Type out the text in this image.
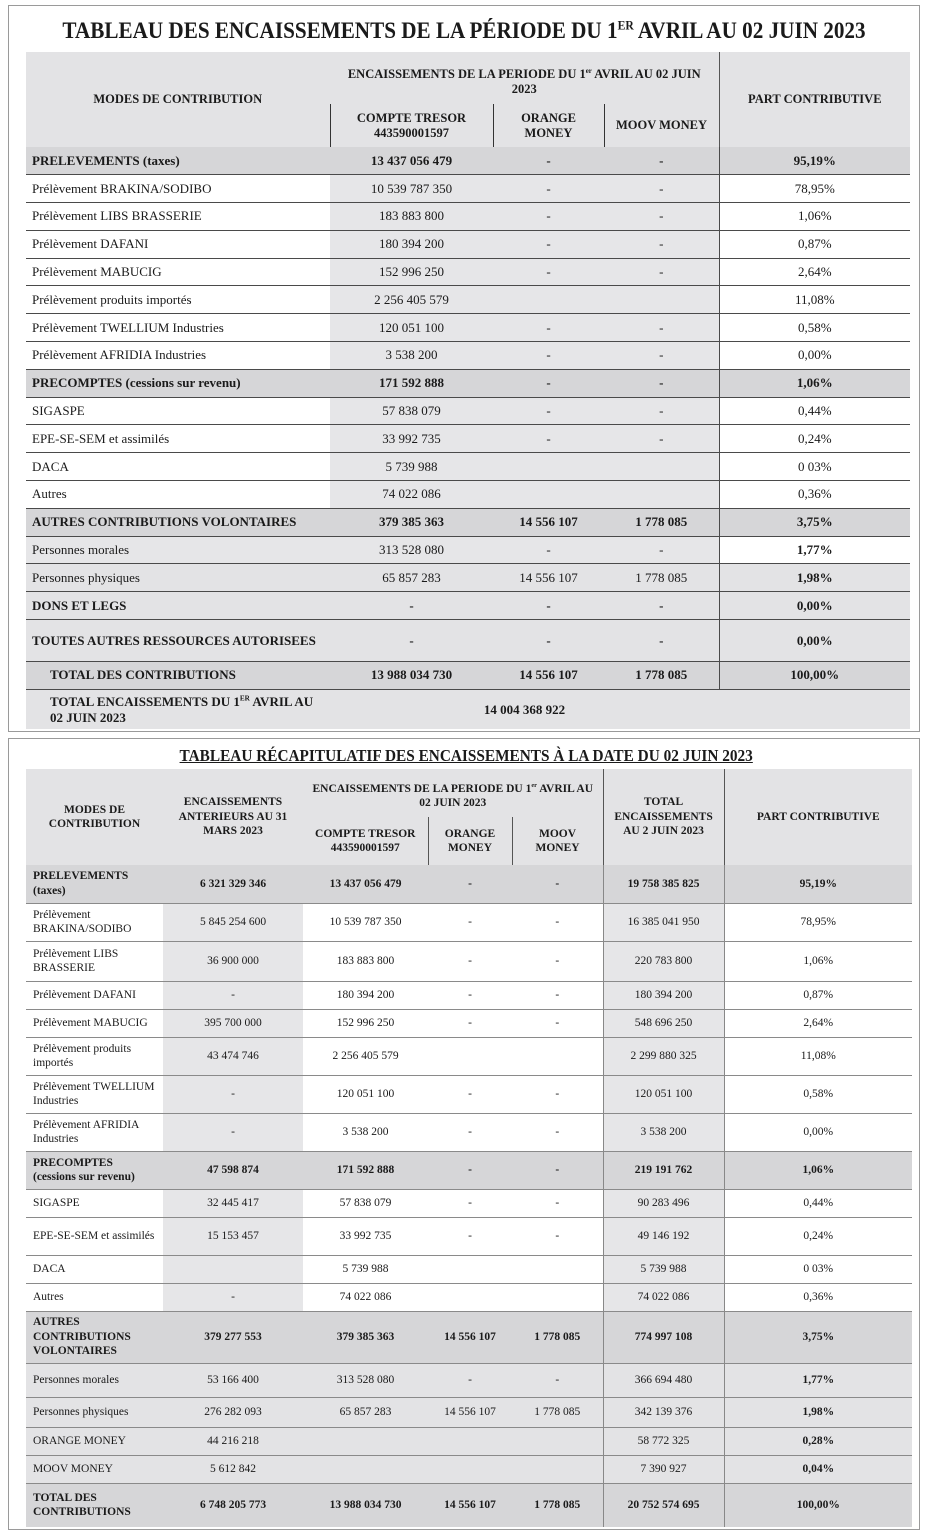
TABLEAU DES ENCAISSEMENTS DE LA PÉRIODE DU 1ER AVRIL AU 02 JUIN 2023
MODES DE CONTRIBUTION	ENCAISSEMENTS DE LA PERIODE DU 1er AVRIL AU 02 JUIN 2023			PART CONTRIBUTIVE
	COMPTE TRESOR 443590001597	ORANGE MONEY	MOOV MONEY	
PRELEVEMENTS (taxes)	13 437 056 479	-	-	95,19%
Prélèvement BRAKINA/SODIBO	10 539 787 350	-	-	78,95%
Prélèvement LIBS BRASSERIE	183 883 800	-	-	1,06%
Prélèvement DAFANI	180 394 200	-	-	0,87%
Prélèvement MABUCIG	152 996 250	-	-	2,64%
Prélèvement produits importés	2 256 405 579			11,08%
Prélèvement TWELLIUM Industries	120 051 100	-	-	0,58%
Prélèvement AFRIDIA Industries	3 538 200	-	-	0,00%
PRECOMPTES (cessions sur revenu)	171 592 888	-	-	1,06%
SIGASPE	57 838 079	-	-	0,44%
EPE-SE-SEM et assimilés	33 992 735	-	-	0,24%
DACA	5 739 988			0 03%
Autres	74 022 086			0,36%
AUTRES CONTRIBUTIONS VOLONTAIRES	379 385 363	14 556 107	1 778 085	3,75%
Personnes morales	313 528 080	-	-	1,77%
Personnes physiques	65 857 283	14 556 107	1 778 085	1,98%
DONS ET LEGS	-	-	-	0,00%
TOUTES AUTRES RESSOURCES AUTORISEES	-	-	-	0,00%
TOTAL DES CONTRIBUTIONS	13 988 034 730	14 556 107	1 778 085	100,00%
TOTAL ENCAISSEMENTS DU 1ER AVRIL AU 02 JUIN 2023	14 004 368 922			
TABLEAU RÉCAPITULATIF DES ENCAISSEMENTS À LA DATE DU 02 JUIN 2023
MODES DE CONTRIBUTION	ENCAISSEMENTS ANTERIEURS AU 31 MARS 2023	ENCAISSEMENTS DE LA PERIODE DU 1er AVRIL AU 02 JUIN 2023			TOTAL ENCAISSEMENTS AU 2 JUIN 2023	PART CONTRIBUTIVE
		COMPTE TRESOR 443590001597	ORANGE MONEY	MOOV MONEY		
PRELEVEMENTS (taxes)	6 321 329 346	13 437 056 479	-	-	19 758 385 825	95,19%
Prélèvement BRAKINA/SODIBO	5 845 254 600	10 539 787 350	-	-	16 385 041 950	78,95%
Prélèvement LIBS BRASSERIE	36 900 000	183 883 800	-	-	220 783 800	1,06%
Prélèvement DAFANI	-	180 394 200	-	-	180 394 200	0,87%
Prélèvement MABUCIG	395 700 000	152 996 250	-	-	548 696 250	2,64%
Prélèvement produits importés	43 474 746	2 256 405 579			2 299 880 325	11,08%
Prélèvement TWELLIUM Industries	-	120 051 100	-	-	120 051 100	0,58%
Prélèvement AFRIDIA Industries	-	3 538 200	-	-	3 538 200	0,00%
PRECOMPTES (cessions sur revenu)	47 598 874	171 592 888	-	-	219 191 762	1,06%
SIGASPE	32 445 417	57 838 079	-	-	90 283 496	0,44%
EPE-SE-SEM et assimilés	15 153 457	33 992 735	-	-	49 146 192	0,24%
DACA		5 739 988			5 739 988	0 03%
Autres	-	74 022 086			74 022 086	0,36%
AUTRES CONTRIBUTIONS VOLONTAIRES	379 277 553	379 385 363	14 556 107	1 778 085	774 997 108	3,75%
Personnes morales	53 166 400	313 528 080	-	-	366 694 480	1,77%
Personnes physiques	276 282 093	65 857 283	14 556 107	1 778 085	342 139 376	1,98%
ORANGE MONEY	44 216 218				58 772 325	0,28%
MOOV MONEY	5 612 842				7 390 927	0,04%
TOTAL DES CONTRIBUTIONS	6 748 205 773	13 988 034 730	14 556 107	1 778 085	20 752 574 695	100,00%
